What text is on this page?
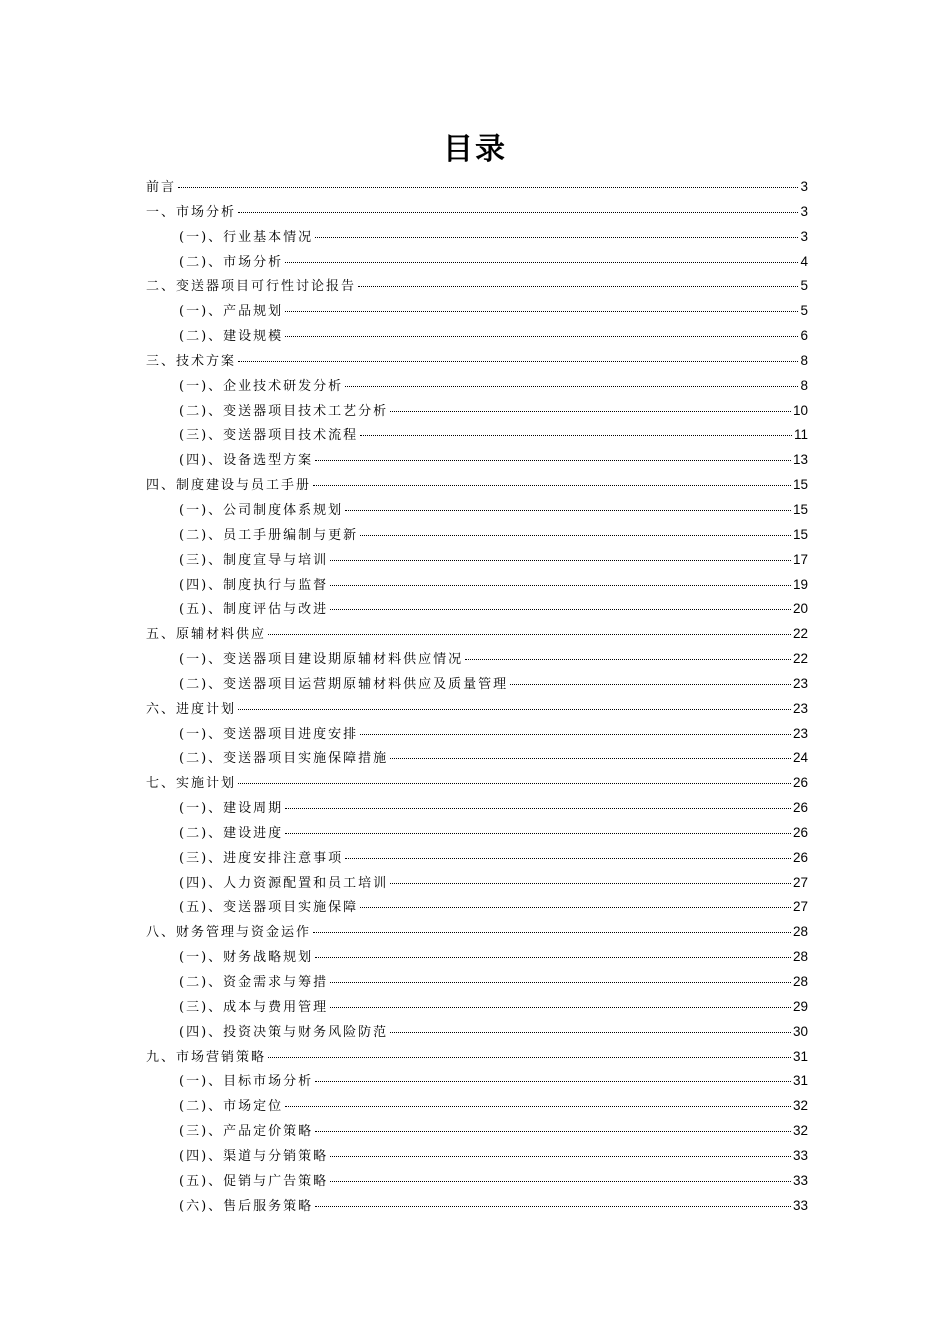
目录
前言	3
一、市场分析	3
(一)、行业基本情况	3
(二)、市场分析	4
二、变送器项目可行性讨论报告	5
(一)、产品规划	5
(二)、建设规模	6
三、技术方案	8
(一)、企业技术研发分析	8
(二)、变送器项目技术工艺分析	10
(三)、变送器项目技术流程	11
(四)、设备选型方案	13
四、制度建设与员工手册	15
(一)、公司制度体系规划	15
(二)、员工手册编制与更新	15
(三)、制度宣导与培训	17
(四)、制度执行与监督	19
(五)、制度评估与改进	20
五、原辅材料供应	22
(一)、变送器项目建设期原辅材料供应情况	22
(二)、变送器项目运营期原辅材料供应及质量管理	23
六、进度计划	23
(一)、变送器项目进度安排	23
(二)、变送器项目实施保障措施	24
七、实施计划	26
(一)、建设周期	26
(二)、建设进度	26
(三)、进度安排注意事项	26
(四)、人力资源配置和员工培训	27
(五)、变送器项目实施保障	27
八、财务管理与资金运作	28
(一)、财务战略规划	28
(二)、资金需求与筹措	28
(三)、成本与费用管理	29
(四)、投资决策与财务风险防范	30
九、市场营销策略	31
(一)、目标市场分析	31
(二)、市场定位	32
(三)、产品定价策略	32
(四)、渠道与分销策略	33
(五)、促销与广告策略	33
(六)、售后服务策略	33
